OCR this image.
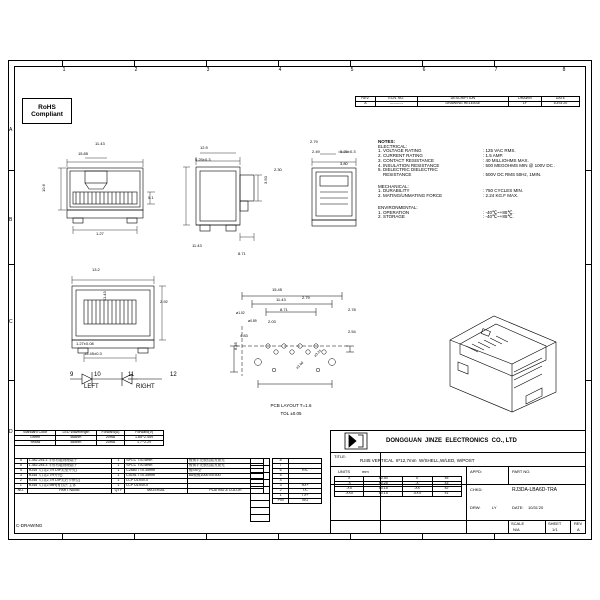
1	2	3	4	5	6	7	8
A
B
C
D
RoHS
Compliant
REV.	ECN. NO.	DESCRIPTION	DRAWN	DATE
A	-----------	DRAWING RELEASE	LY	10/31'20
NOTES:
ELECTRICAL:
1. VOLTAGE RATING	: 125 VAC RMS.
2. CURRENT RATING	: 1.5 AMP.
3. CONTACT RESISTANCE	: 40 MILLIOHMS MAX.
4. INSULATION RESISTANCE	: 500 MEGOHMS MIN @ 100V DC .
5. DIELECTRIC DIELECTRIC
RESISTANCE	: 500V DC RMS 50Hz, 1MIN.
MECHANICAL:
1. DURABILITY	: 750 CYCLES MIN.
2. MATING/UNMATING FORCE	: 2.24 KG.F MAX.
ENVIRONMENTAL:
1. OPERATION	: -40℃~+85℃.
2. STORAGE	: -40℃~+85℃.
15.85
11.43
10.6
5.1
1.27
12.9
5.25±0.3
3.50
2.30
11.43
8.71
2.79
2.49	5.25±0.3
3.80
13.2
11.43
2.92
1.27±0.08
15.45±0.3
9	10	11	12
LEFT	RIGHT
15.45
11.43
8.71
2.79
2.78
6.35
4.83
2.54
2.03
ø1.02
ø0.89
ø3.25
ø1.60
PCB LAYOUT T=1.6
TOL ±0.05
Standard Color	LED Wavelength	Forward(A)	Forward(V)
Green	568nm	20mA	1.85~2.45V
Yellow	585nm	20mA	1.7~2.2V
5	1.4x2.2x4.3 平形有磁物理端子	1	SPCC T=0.5mm	镀锡半光镀性能发射光
5	1.4x2.2x4.3 平形有磁物理端子	1	SPCC T=0.5mm	镀锡半光镀性能发射光
4	RJ45 入口(2,7H DIP类型外壳)	1	C2680 T=0.35mm	镀Sn/全
3	RJ45 入口(2,7H外壳)	1	C5191 T=0.35mm	Au镀镀100u'/Ni 50u'
2	RJ45 入口(2,7H DIP类后卡销位)	1	LCP UL94V-0	
1	RJ45 入口(2,9xH)有目法 主体	1	LCP UL94V-0	
NO.	PART NAME	QTY	MATERIAL	PLATING & COLOR
8	
7	
6	RX-
5	
4	
3	RX+
2	TX-
1	TX+
PIN	SIG

DONGGUAN  JINZE  ELECTRONICS  CO., LTD
TITLE:
RJ45 VERTICAL  8*12,7mm  W/SHELL,W/LED, W/POST
UNITS	mm	APPD:
CHKD:
DRW:	LY	DATE: 10/31'20
PART NO.
RJ3DA-LBA6D-TRA
SCALE
N/A
SHEET
1/1
REV
A
X	±0.50	X'	±5'
.X	±0.25	.X'	±3'
.XX	±0.15	.XX'	±2'
.XXX	±0.15	.XXX'	±1'
C-DRAWING
